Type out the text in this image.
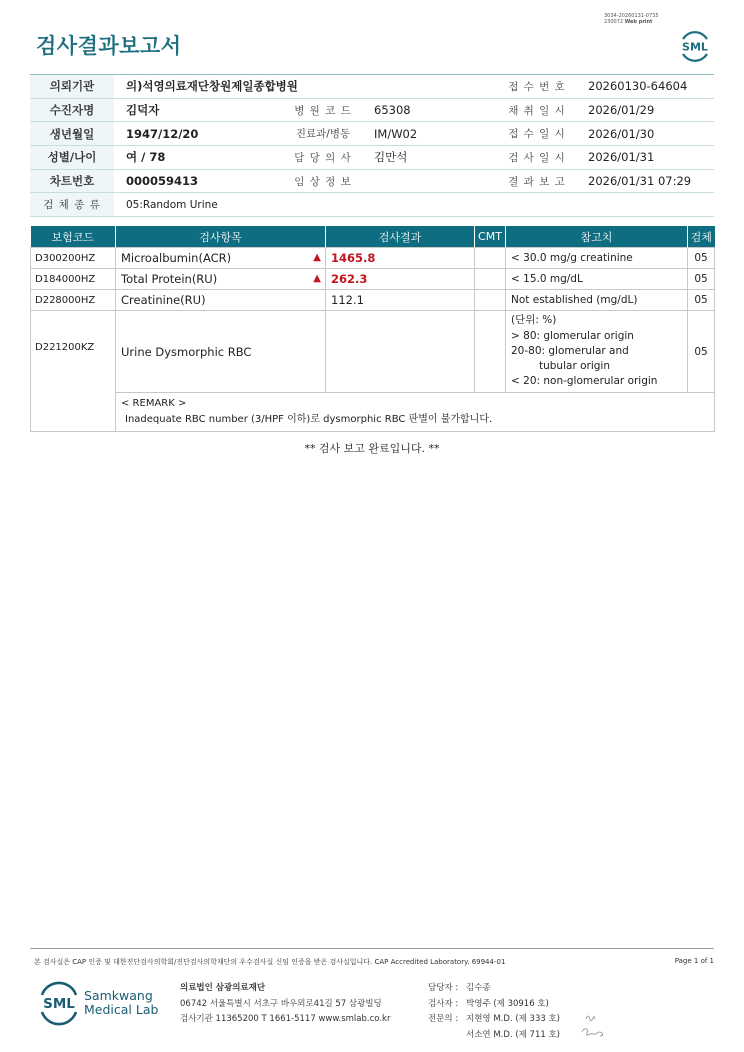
검사결과보고서
3034-20260131-0735
230072 Web print
SML
의뢰기관	의)석영의료재단창원제일종합병원			접 수 번 호	20260130-64604
수진자명	김덕자	병 원 코 드	65308	채 취 일 시	2026/01/29
생년월일	1947/12/20	진료과/병동	IM/W02	접 수 일 시	2026/01/30
성별/나이	여 / 78	담 당 의 사	김만석	검 사 일 시	2026/01/31
차트번호	000059413	임 상 정 보		결 과 보 고	2026/01/31 07:29
검 체 종 류	05:Random Urine				
보험코드	검사항목	검사결과	CMT	참고치	검체
D300200HZ	Microalbumin(ACR) ▲	1465.8		< 30.0 mg/g creatinine	05
D184000HZ	Total Protein(RU) ▲	262.3		< 15.0 mg/dL	05
D228000HZ	Creatinine(RU)	112.1		Not established (mg/dL)	05
D221200KZ	Urine Dysmorphic RBC			(단위: %)
> 80: glomerular origin
20-80: glomerular and
tubular origin
< 20: non-glomerular origin	05

	< REMARK >
Inadequate RBC number (3/HPF 이하)로 dysmorphic RBC 판별이 불가합니다.				
** 검사 보고 완료입니다. **
본 검사실은 CAP 인증 및 대한진단검사의학회/진단검사의학재단의 우수검사실 신임 인증을 받은 검사실입니다. CAP Accredited Laboratory. 69944-01	Page 1 of 1
SML
Samkwang
Medical Lab
의료법인 삼광의료재단
06742 서울특별시 서초구 바우뫼로41길 57 삼광빌딩
검사기관 11365200 T 1661-5117 www.smlab.co.kr
담당자 : 김수종
검사자 : 박영주 (제 30916 호)
전문의 : 지현영 M.D. (제 333 호)
서소연 M.D. (제 711 호)
